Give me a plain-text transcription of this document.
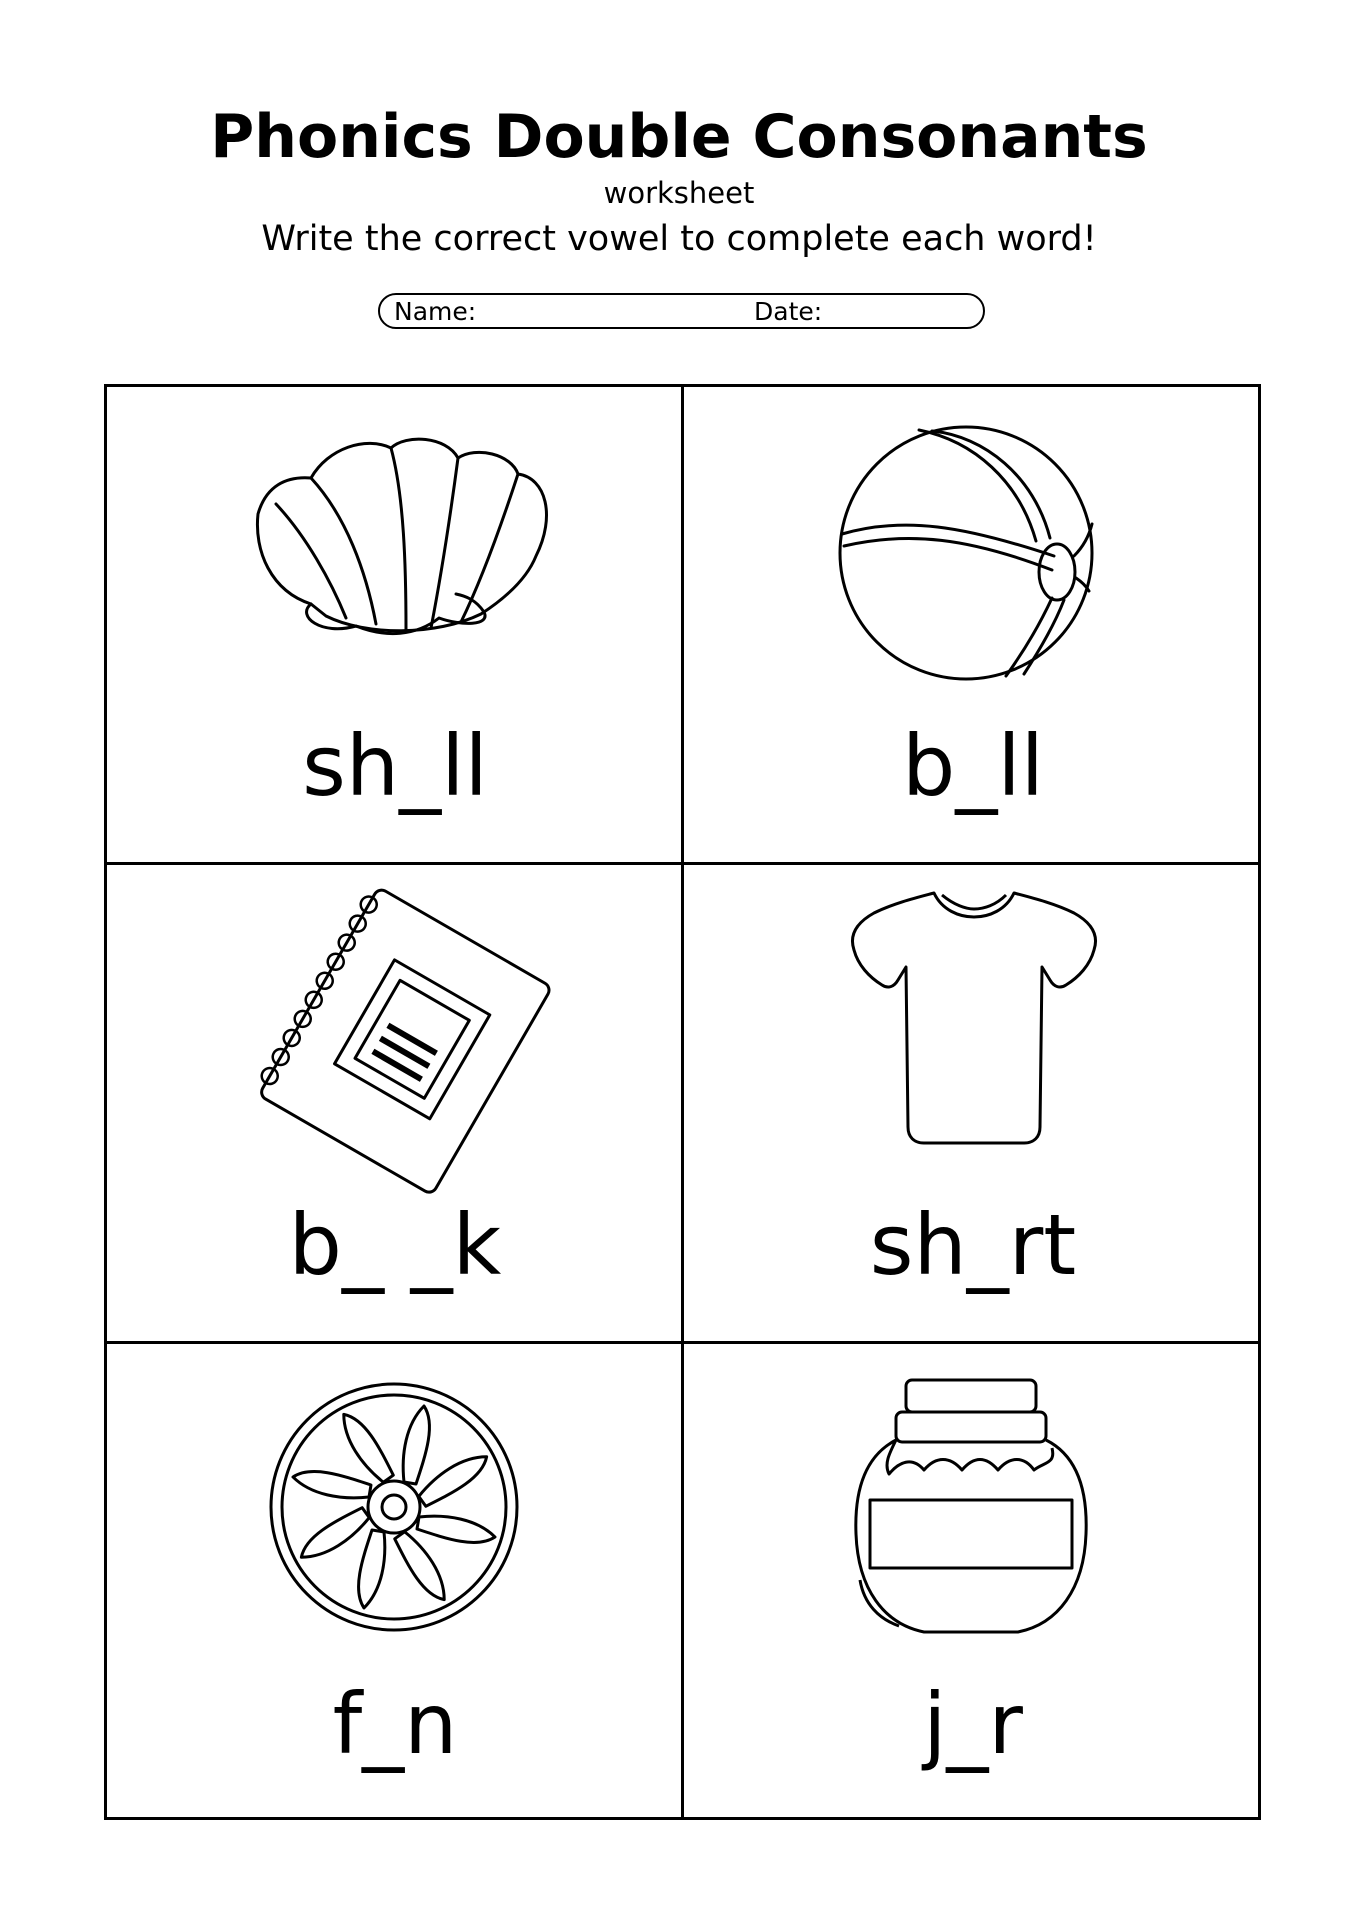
Phonics Double Consonants
worksheet
Write the correct vowel to complete each word!
Name:	Date:
sh_ll	b_ll
b_ _k	sh_rt
f_n	j_r
